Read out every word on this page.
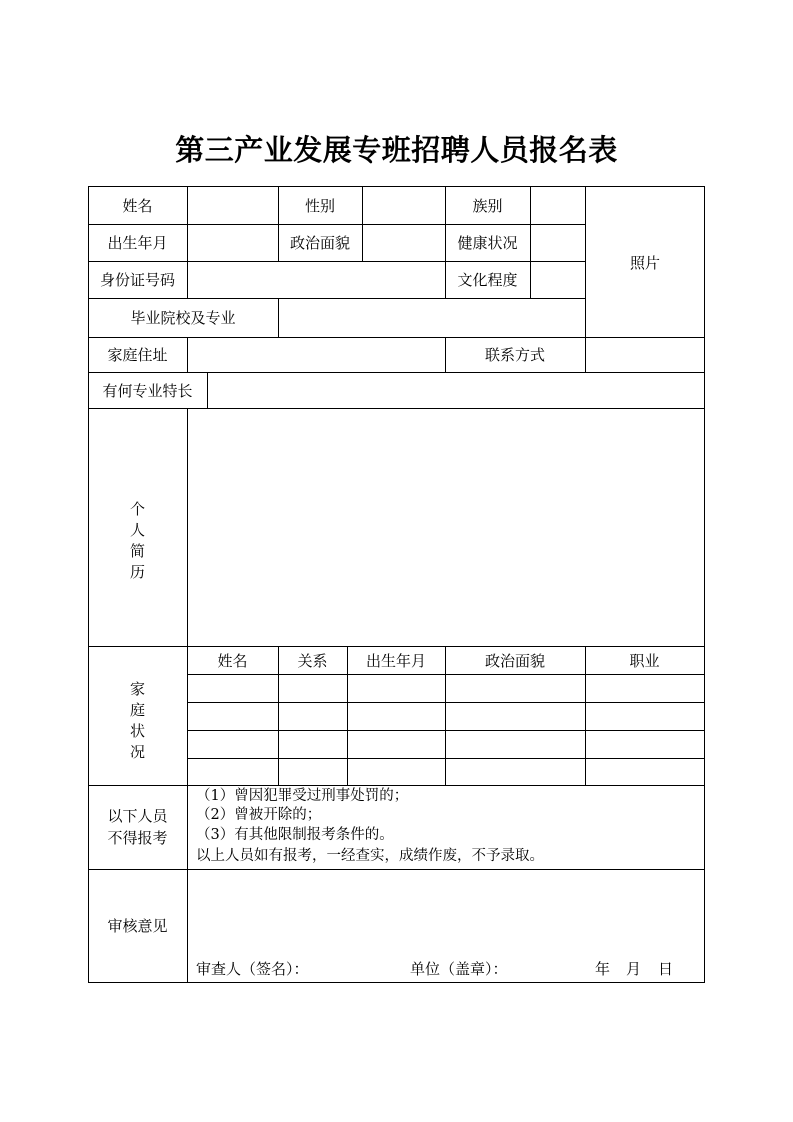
第三产业发展专班招聘人员报名表
姓名	性别	族别
照片
出生年月	政治面貌	健康状况
身份证号码	文化程度
毕业院校及专业
家庭住址	联系方式
有何专业特长
个
人
简
历
家
庭
状
况
姓名	关系	出生年月	政治面貌	职业
以下人员
不得报考
（1）曾因犯罪受过刑事处罚的；
（2）曾被开除的；
（3）有其他限制报考条件的。
以上人员如有报考，一经查实，成绩作废，不予录取。
审核意见
审查人（签名）：	单位（盖章）：	年 月 日
